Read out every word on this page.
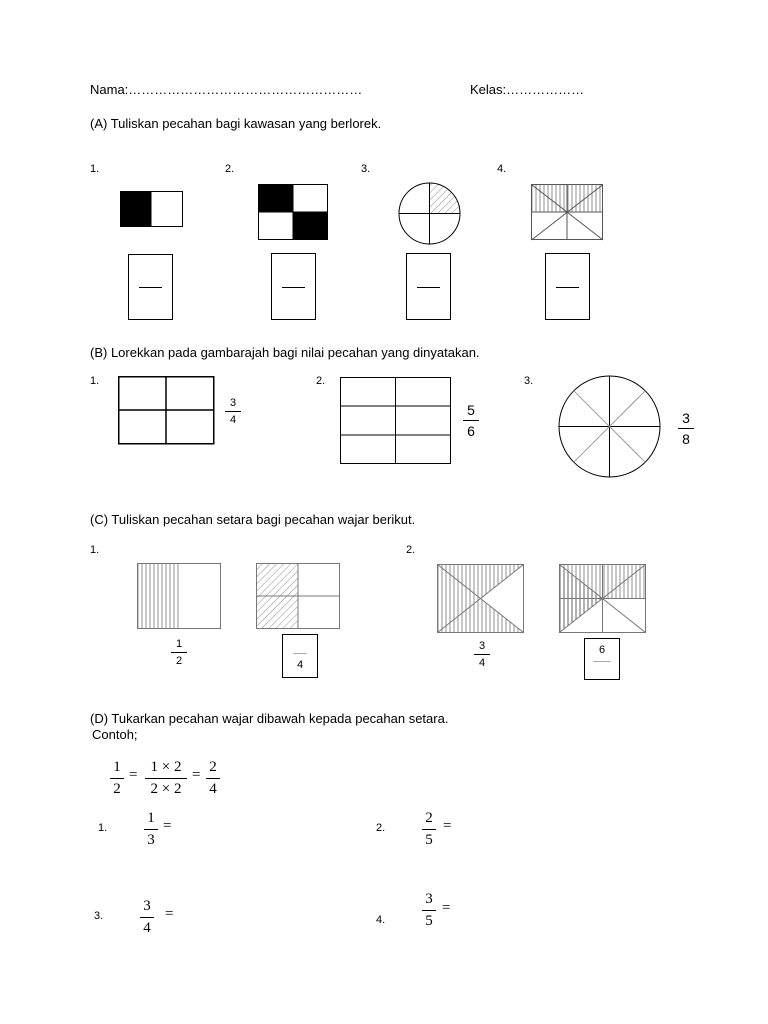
Nama:………………………………………………	Kelas:………………
(A) Tuliskan pecahan bagi kawasan yang berlorek.
1.	2.	3.	4.
(B) Lorekkan pada gambarajah bagi nilai pecahan yang dinyatakan.
1.	2.	3.
3
4
5
6
3
8
(C) Tuliskan pecahan setara bagi pecahan wajar berikut.
1.	2.
1
2	4
3
4
6
(D) Tukarkan pecahan wajar dibawah kepada pecahan setara.
Contoh;
1
2
= 1 × 2
2 × 2
= 2
4
1.
1
3
=	2.
2
5
=
3.
3
4
=	4.
3
5
=
